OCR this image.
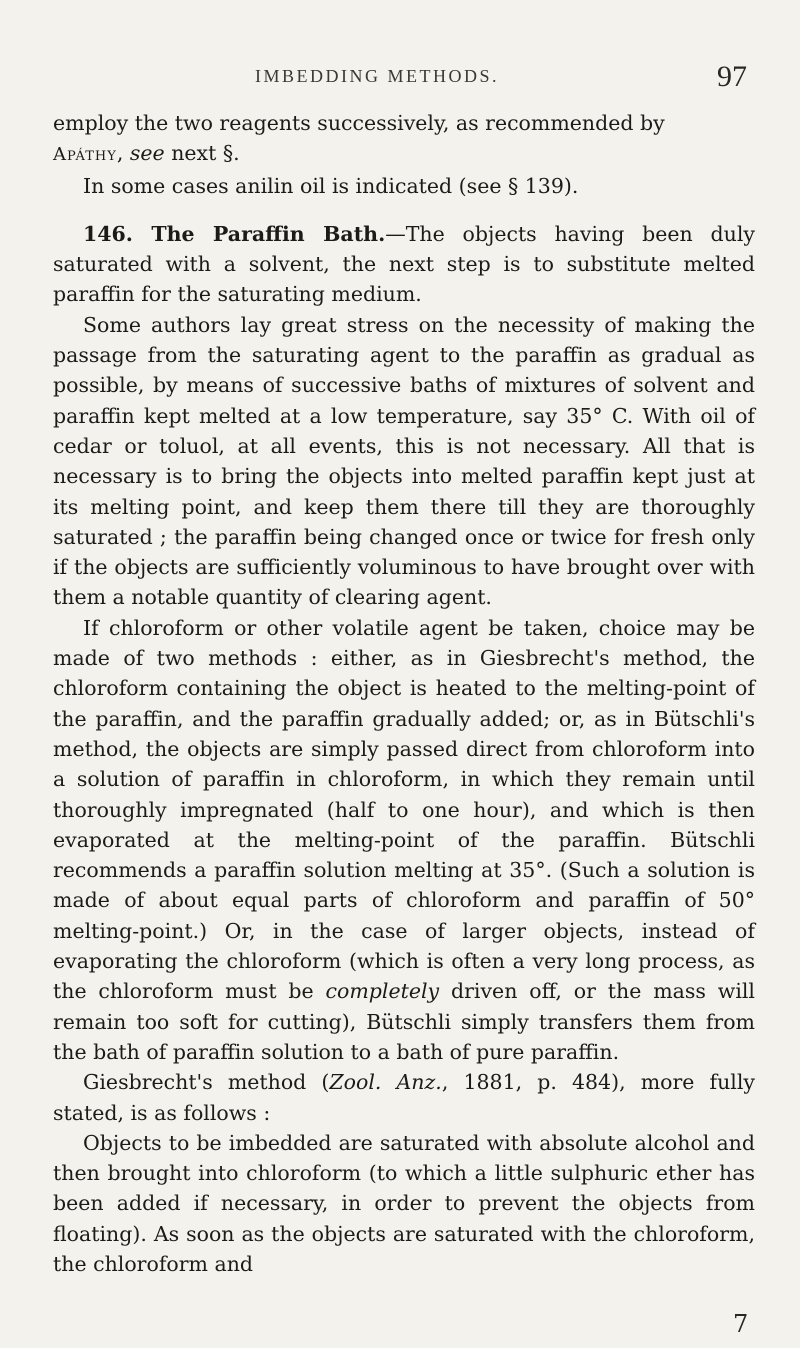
IMBEDDING METHODS.	97

employ the two reagents successively, as recommended by
Apáthy, see next §.

In some cases anilin oil is indicated (see § 139).

146. The Paraffin Bath.—The objects having been duly saturated with a solvent, the next step is to substitute melted paraffin for the saturating medium.

Some authors lay great stress on the necessity of making the passage from the saturating agent to the paraffin as gradual as possible, by means of successive baths of mixtures of solvent and paraffin kept melted at a low temperature, say 35° C. With oil of cedar or toluol, at all events, this is not necessary. All that is necessary is to bring the objects into melted paraffin kept just at its melting point, and keep them there till they are thoroughly saturated ; the paraffin being changed once or twice for fresh only if the objects are sufficiently voluminous to have brought over with them a notable quantity of clearing agent.

If chloroform or other volatile agent be taken, choice may be made of two methods : either, as in Giesbrecht's method, the chloroform containing the object is heated to the melting-point of the paraffin, and the paraffin gradually added; or, as in Bütschli's method, the objects are simply passed direct from chloroform into a solution of paraffin in chloroform, in which they remain until thoroughly impregnated (half to one hour), and which is then evaporated at the melting-point of the paraffin. Bütschli recommends a paraffin solution melting at 35°. (Such a solution is made of about equal parts of chloroform and paraffin of 50° melting-point.) Or, in the case of larger objects, instead of evaporating the chloroform (which is often a very long process, as the chloroform must be completely driven off, or the mass will remain too soft for cutting), Bütschli simply transfers them from the bath of paraffin solution to a bath of pure paraffin.

Giesbrecht's method (Zool. Anz., 1881, p. 484), more fully stated, is as follows :

Objects to be imbedded are saturated with absolute alcohol and then brought into chloroform (to which a little sulphuric ether has been added if necessary, in order to prevent the objects from floating). As soon as the objects are saturated with the chloroform, the chloroform and

7
